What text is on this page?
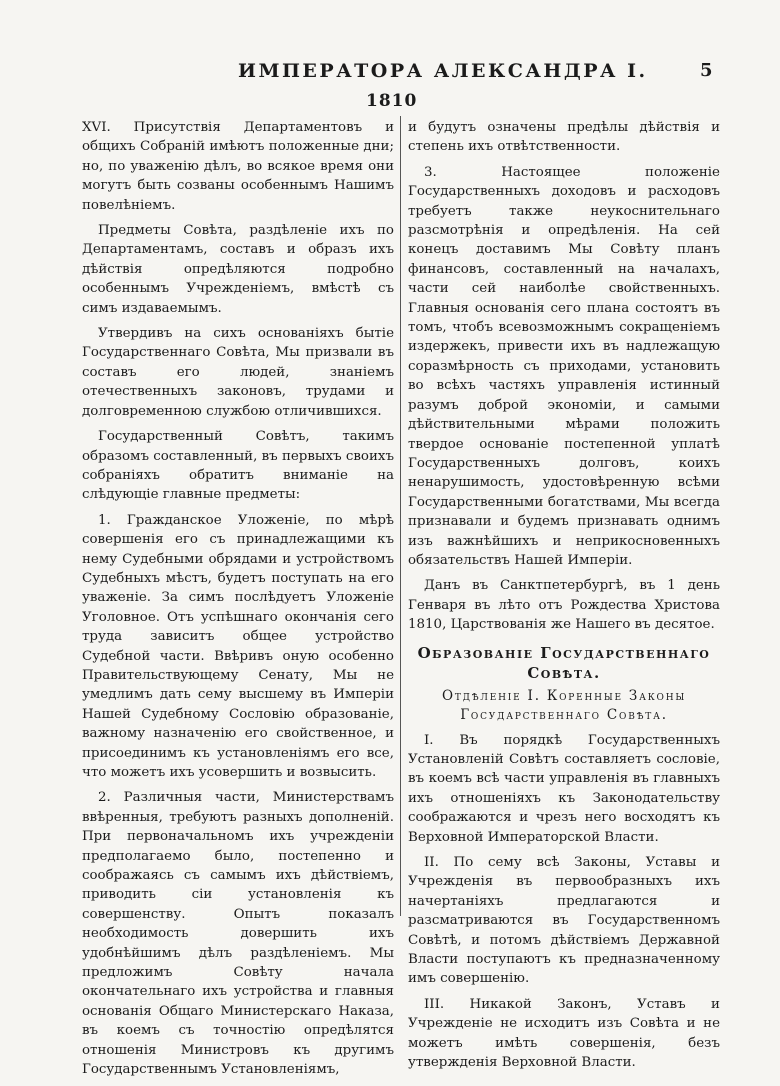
ИМПЕРАТОРА АЛЕКСАНДРА I.	5
1810

XVI. Присутствія Департаментовъ и общихъ Собраній имѣютъ положенные дни; но, по уваженію дѣлъ, во всякое время они могутъ быть созваны особеннымъ Нашимъ повелѣніемъ.

Предметы Совѣта, раздѣленіе ихъ по Департаментамъ, составъ и образъ ихъ дѣйствія опредѣляются подробно особеннымъ Учрежденіемъ, вмѣстѣ съ симъ издаваемымъ.

Утвердивъ на сихъ основаніяхъ бытіе Государственнаго Совѣта, Мы призвали въ составъ его людей, знаніемъ отечественныхъ законовъ, трудами и долговременною службою отличившихся.

Государственный Совѣтъ, такимъ образомъ составленный, въ первыхъ своихъ собраніяхъ обратитъ вниманіе на слѣдующіе главные предметы:

1. Гражданское Уложеніе, по мѣрѣ совершенія его съ принадлежащими къ нему Судебными обрядами и устройствомъ Судебныхъ мѣстъ, будетъ поступать на его уваженіе. За симъ послѣдуетъ Уложеніе Уголовное. Отъ успѣшнаго окончанія сего труда зависитъ общее устройство Судебной части. Ввѣривъ оную особенно Правительствующему Сенату, Мы не умедлимъ дать сему высшему въ Имперіи Нашей Судебному Сословію образованіе, важному назначенію его свойственное, и присоединимъ къ установленіямъ его все, что можетъ ихъ усовершить и возвысить.

2. Различныя части, Министерствамъ ввѣренныя, требуютъ разныхъ дополненій. При первоначальномъ ихъ учрежденіи предполагаемо было, постепенно и соображаясь съ самымъ ихъ дѣйствіемъ, приводить сіи установленія къ совершенству. Опытъ показалъ необходимость довершить ихъ удобнѣйшимъ дѣлъ раздѣленіемъ. Мы предложимъ Совѣту начала окончательнаго ихъ устройства и главныя основанія Общаго Министерскаго Наказа, въ коемъ съ точностію опредѣлятся отношенія Министровъ къ другимъ Государственнымъ Установленіямъ,

и будутъ означены предѣлы дѣйствія и степень ихъ отвѣтственности.

3. Настоящее положеніе Государственныхъ доходовъ и расходовъ требуетъ также неукоснительнаго разсмотрѣнія и опредѣленія. На сей конецъ доставимъ Мы Совѣту планъ финансовъ, составленный на началахъ, части сей наиболѣе свойственныхъ. Главныя основанія сего плана состоятъ въ томъ, чтобъ всевозможнымъ сокращеніемъ издержекъ, привести ихъ въ надлежащую соразмѣрность съ приходами, установить во всѣхъ частяхъ управленія истинный разумъ доброй экономіи, и самыми дѣйствительными мѣрами положить твердое основаніе постепенной уплатѣ Государственныхъ долговъ, коихъ ненарушимость, удостовѣренную всѣми Государственными богатствами, Мы всегда признавали и будемъ признавать однимъ изъ важнѣйшихъ и неприкосновенныхъ обязательствъ Нашей Имперіи.

Данъ въ Санктпетербургѣ, въ 1 день Генваря въ лѣто отъ Рождества Христова 1810, Царствованія же Нашего въ десятое.

Образованіе Государственнаго Совѣта.
Отдѣленіе I. Коренные Законы Государственнаго Совѣта.

I. Въ порядкѣ Государственныхъ Установленій Совѣтъ составляетъ сословіе, въ коемъ всѣ части управленія въ главныхъ ихъ отношеніяхъ къ Законодательству соображаются и чрезъ него восходятъ къ Верховной Императорской Власти.

II. По сему всѣ Законы, Уставы и Учрежденія въ первообразныхъ ихъ начертаніяхъ предлагаются и разсматриваются въ Государственномъ Совѣтѣ, и потомъ дѣйствіемъ Державной Власти поступаютъ къ предназначенному имъ совершенію.

III. Никакой Законъ, Уставъ и Учрежденіе не исходитъ изъ Совѣта и не можетъ имѣть совершенія, безъ утвержденія Верховной Власти.
